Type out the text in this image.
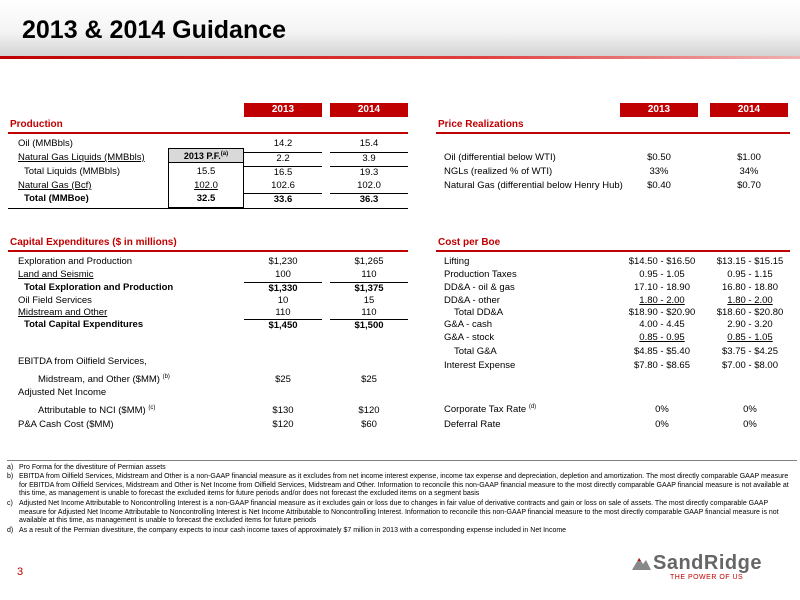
2013 & 2014 Guidance
2013	2014
Production
2013 P.F.$^{(a)}$
Oil (MMBbls)	14.2	15.4
Natural Gas Liquids (MMBbls)	2.2	3.9
Total Liquids (MMBbls)	15.5	16.5	19.3
Natural Gas (Bcf)	102.0	102.6	102.0
Total (MMBoe)	32.5	33.6	36.3
2013	2014
Price Realizations
Oil (differential below WTI)	$0.50	$1.00
NGLs (realized % of WTI)	33%	34%
Natural Gas (differential below Henry Hub)	$0.40	$0.70
Capital Expenditures ($ in millions)
Exploration and Production	$1,230	$1,265
Land and Seismic	100	110
Total Exploration and Production	$1,330	$1,375
Oil Field Services	10	15
Midstream and Other	110	110
Total Capital Expenditures	$1,450	$1,500
EBITDA from Oilfield Services,
Midstream, and Other ($MM) $^{(b)}$	$25	$25
Adjusted Net Income
Attributable to NCI ($MM) $^{(c)}$	$130	$120
P&A Cash Cost ($MM)	$120	$60
Cost per Boe
Lifting	$14.50 - $16.50	$13.15 - $15.15
Production Taxes	0.95 - 1.05	0.95 - 1.15
DD&A - oil & gas	17.10 - 18.90	16.80 - 18.80
DD&A - other	1.80 - 2.00	1.80 - 2.00
Total DD&A	$18.90 - $20.90	$18.60 - $20.80
G&A - cash	4.00 - 4.45	2.90 - 3.20
G&A - stock	0.85 - 0.95	0.85 - 1.05
Total G&A	$4.85 - $5.40	$3.75 - $4.25
Interest Expense	$7.80 - $8.65	$7.00 - $8.00
Corporate Tax Rate $^{(d)}$	0%	0%
Deferral Rate	0%	0%
a) Pro Forma for the divestiture of Permian assets
b) EBITDA from Oilfield Services, Midstream and Other is a non-GAAP financial measure as it excludes from net income interest expense, income tax expense and depreciation, depletion and amortization. The most directly comparable GAAP measure for EBITDA from Oilfield Services, Midstream and Other is Net Income from Oilfield Services, Midstream and Other. Information to reconcile this non-GAAP financial measure to the most directly comparable GAAP financial measure is not available at this time, as management is unable to forecast the excluded items for future periods and/or does not forecast the excluded items on a segment basis
c) Adjusted Net Income Attributable to Noncontrolling Interest is a non-GAAP financial measure as it excludes gain or loss due to changes in fair value of derivative contracts and gain or loss on sale of assets. The most directly comparable GAAP measure for Adjusted Net Income Attributable to Noncontrolling Interest is Net Income Attributable to Noncontrolling Interest. Information to reconcile this non-GAAP financial measure to the most directly comparable GAAP financial measure is not available at this time, as management is unable to forecast the excluded items for future periods
d) As a result of the Permian divestiture, the company expects to incur cash income taxes of approximately $7 million in 2013 with a corresponding expense included in Net Income
3	SandRidge
THE POWER OF US
